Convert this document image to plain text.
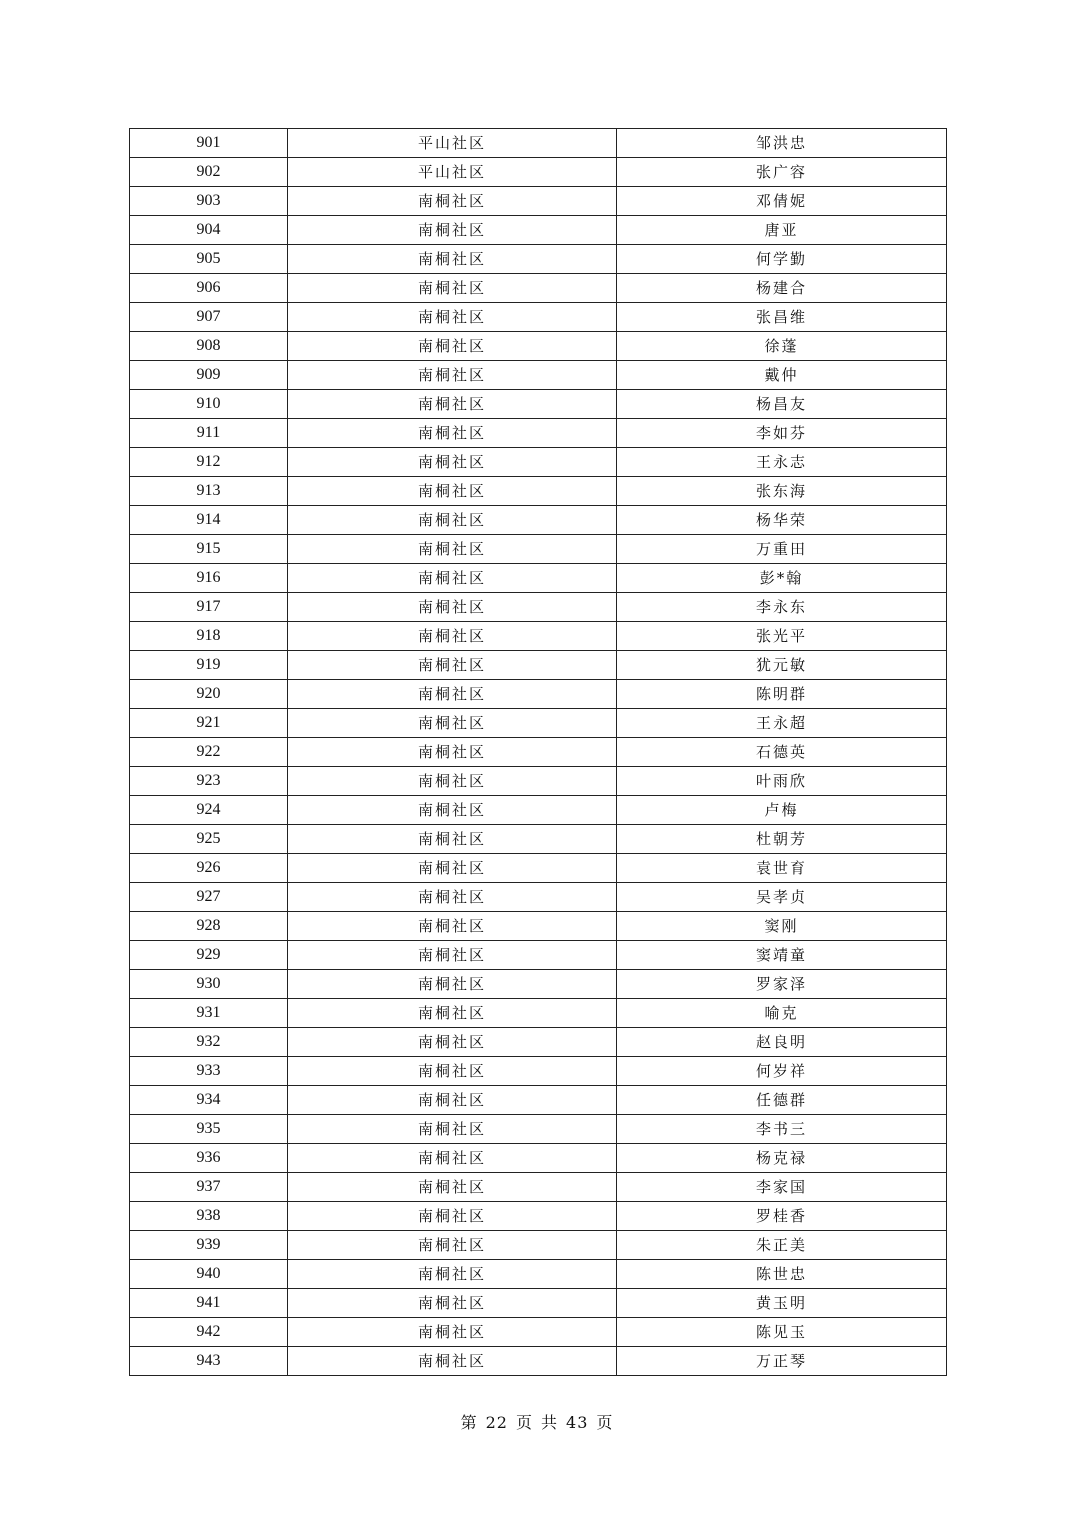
901	平山社区	邹洪忠
902	平山社区	张广容
903	南桐社区	邓倩妮
904	南桐社区	唐亚
905	南桐社区	何学勤
906	南桐社区	杨建合
907	南桐社区	张昌维
908	南桐社区	徐蓬
909	南桐社区	戴仲
910	南桐社区	杨昌友
911	南桐社区	李如芬
912	南桐社区	王永志
913	南桐社区	张东海
914	南桐社区	杨华荣
915	南桐社区	万重田
916	南桐社区	彭*翰
917	南桐社区	李永东
918	南桐社区	张光平
919	南桐社区	犹元敏
920	南桐社区	陈明群
921	南桐社区	王永超
922	南桐社区	石德英
923	南桐社区	叶雨欣
924	南桐社区	卢梅
925	南桐社区	杜朝芳
926	南桐社区	袁世育
927	南桐社区	吴孝贞
928	南桐社区	窦刚
929	南桐社区	窦靖童
930	南桐社区	罗家泽
931	南桐社区	喻克
932	南桐社区	赵良明
933	南桐社区	何岁祥
934	南桐社区	任德群
935	南桐社区	李书三
936	南桐社区	杨克禄
937	南桐社区	李家国
938	南桐社区	罗桂香
939	南桐社区	朱正美
940	南桐社区	陈世忠
941	南桐社区	黄玉明
942	南桐社区	陈见玉
943	南桐社区	万正琴
第 22 页 共 43 页
